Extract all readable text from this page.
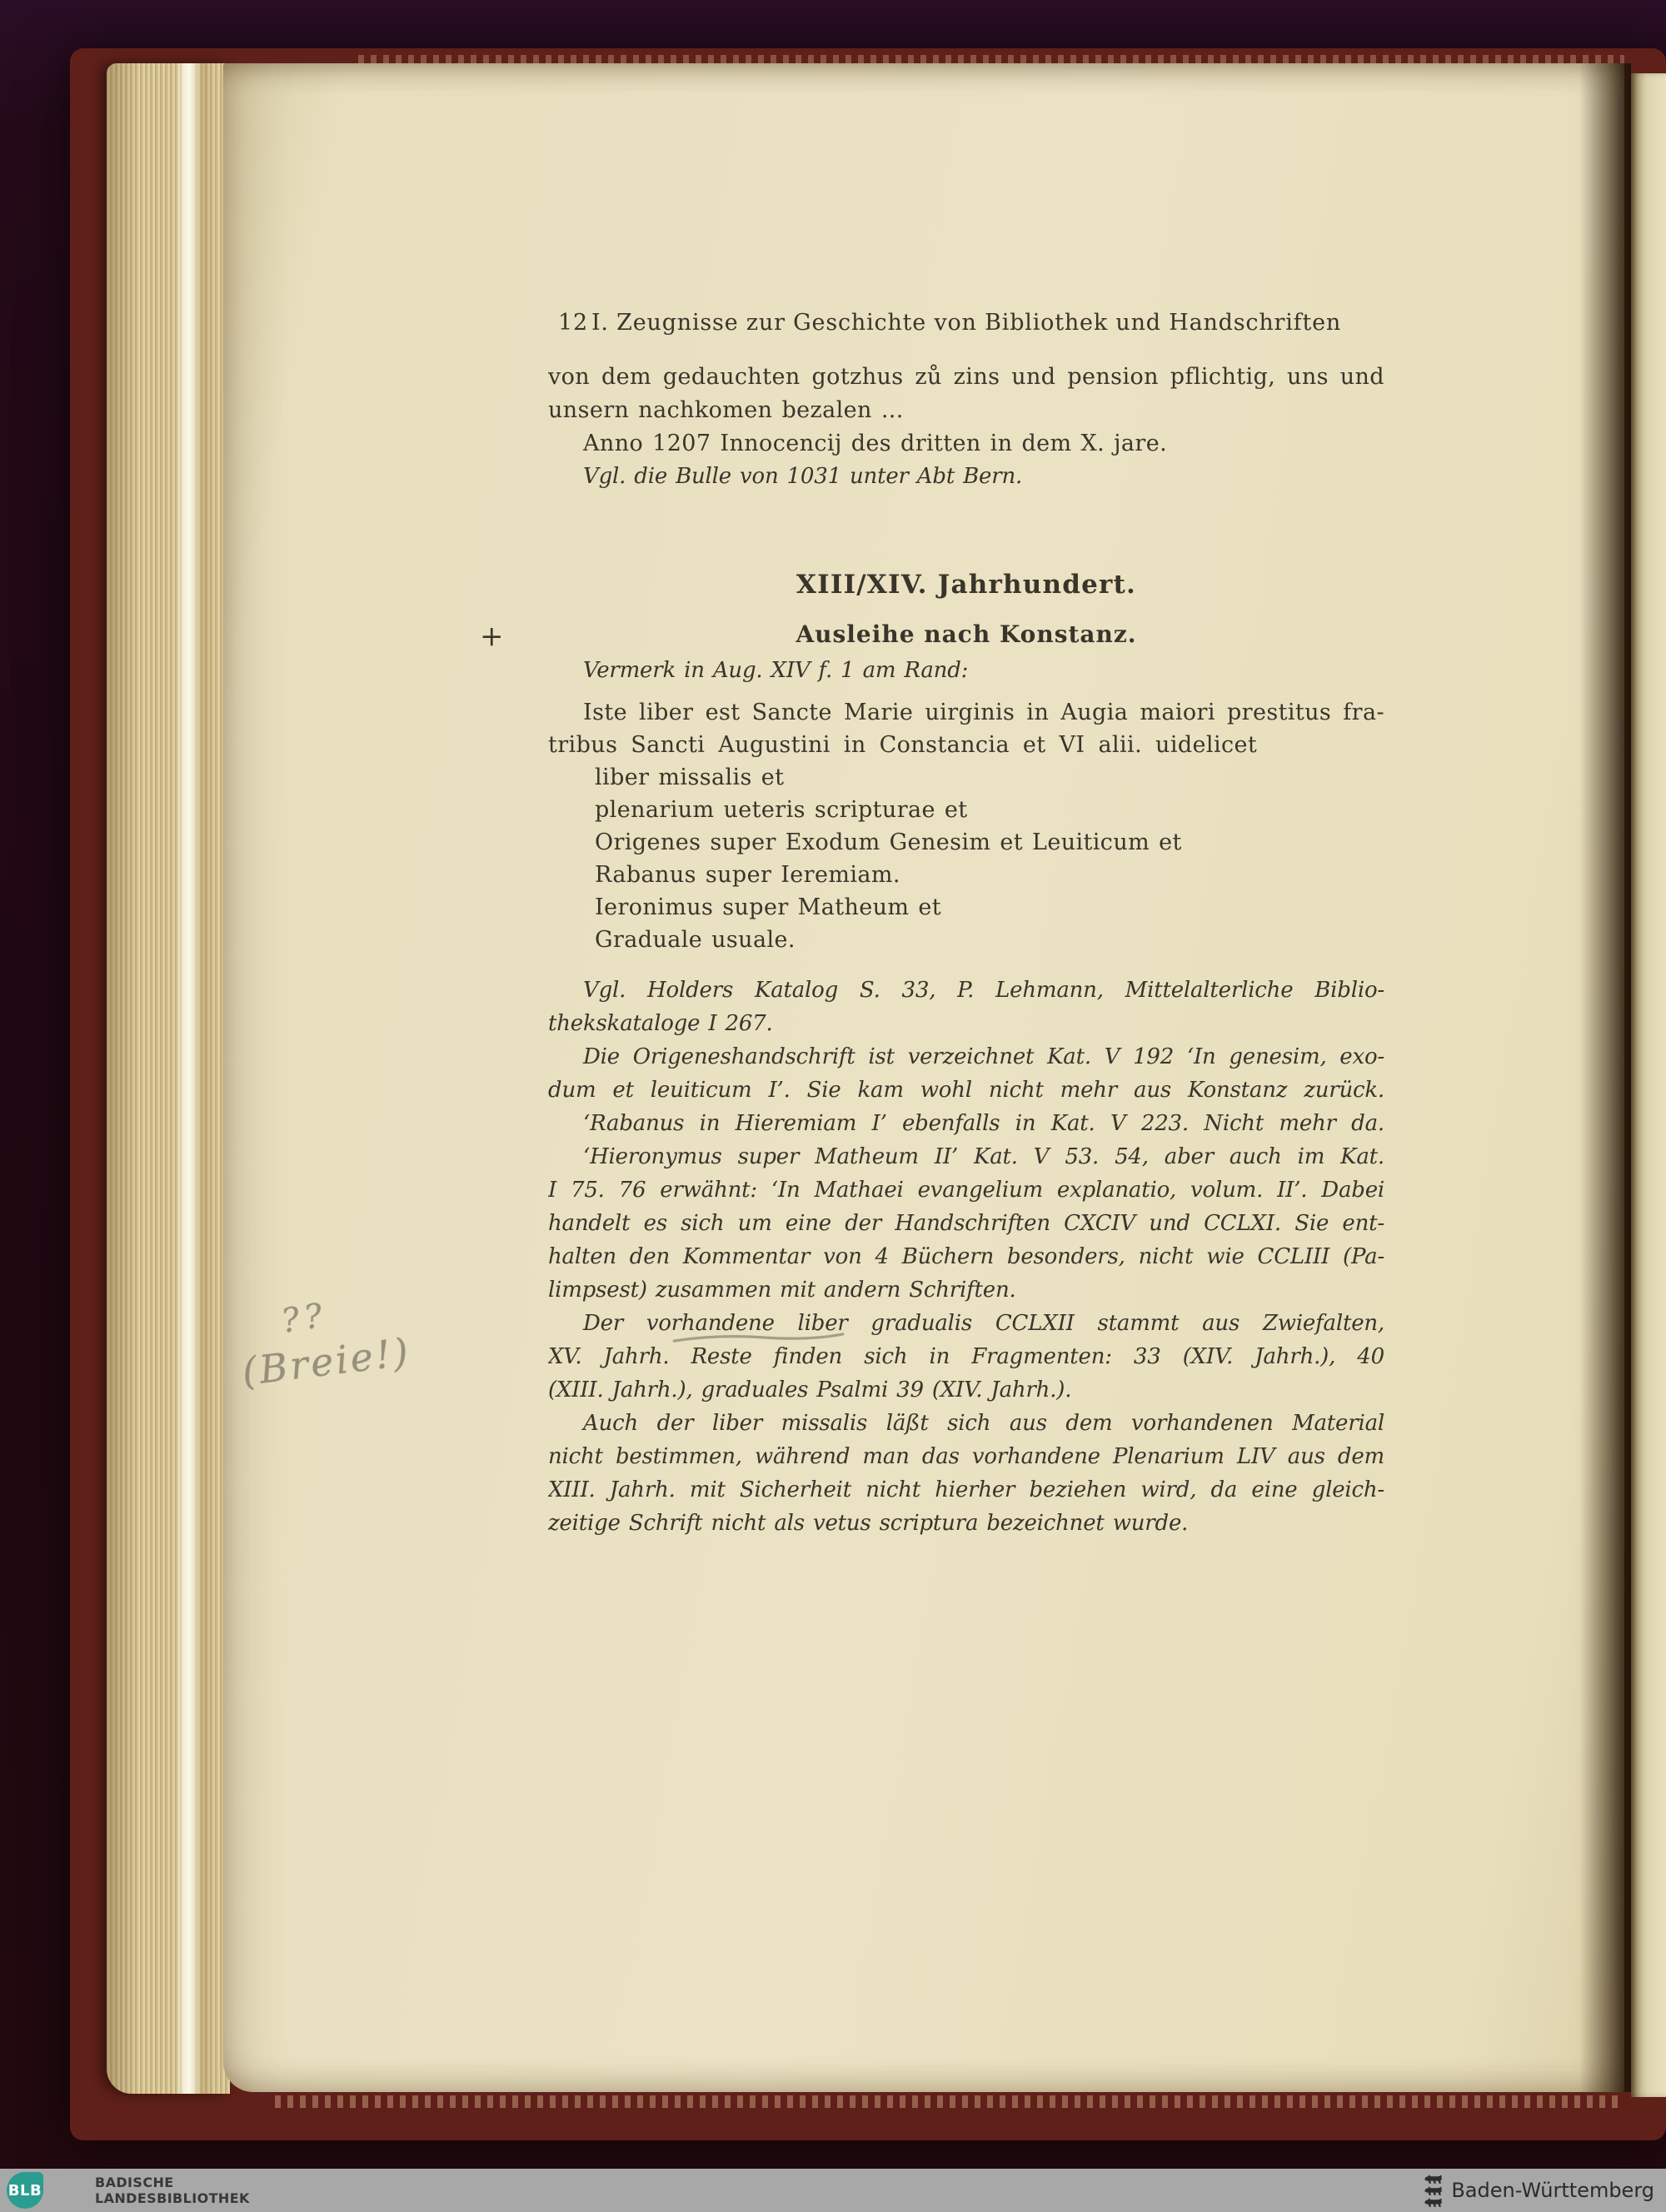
12 I. Zeugnisse zur Geschichte von Bibliothek und Handschriften
von dem gedauchten gotzhus zů zins und pension pflichtig, uns und
unsern nachkomen bezalen ...
Anno 1207 Innocencij des dritten in dem X. jare.
Vgl. die Bulle von 1031 unter Abt Bern.
XIII/XIV. Jahrhundert.
Ausleihe nach Konstanz.
+
Vermerk in Aug. XIV f. 1 am Rand:
Iste liber est Sancte Marie uirginis in Augia maiori prestitus fra-
tribus Sancti Augustini in Constancia et VI alii. uidelicet
liber missalis et
plenarium ueteris scripturae et
Origenes super Exodum Genesim et Leuiticum et
Rabanus super Ieremiam.
Ieronimus super Matheum et
Graduale usuale.
Vgl. Holders Katalog S. 33, P. Lehmann, Mittelalterliche Biblio-
thekskataloge I 267.
Die Origeneshandschrift ist verzeichnet Kat. V 192 ‘In genesim, exo-
dum et leuiticum I’. Sie kam wohl nicht mehr aus Konstanz zurück.
‘Rabanus in Hieremiam I’ ebenfalls in Kat. V 223. Nicht mehr da.
‘Hieronymus super Matheum II’ Kat. V 53. 54, aber auch im Kat.
I 75. 76 erwähnt: ‘In Mathaei evangelium explanatio, volum. II’. Dabei
handelt es sich um eine der Handschriften CXCIV und CCLXI. Sie ent-
halten den Kommentar von 4 Büchern besonders, nicht wie CCLIII (Pa-
limpsest) zusammen mit andern Schriften.
Der vorhandene liber gradualis CCLXII stammt aus Zwiefalten,
XV. Jahrh. Reste finden sich in Fragmenten: 33 (XIV. Jahrh.), 40
(XIII. Jahrh.), graduales Psalmi 39 (XIV. Jahrh.).
Auch der liber missalis läßt sich aus dem vorhandenen Material
nicht bestimmen, während man das vorhandene Plenarium LIV aus dem
XIII. Jahrh. mit Sicherheit nicht hierher beziehen wird, da eine gleich-
zeitige Schrift nicht als vetus scriptura bezeichnet wurde.
??
(Breie!)
BLB	BADISCHE
LANDESBIBLIOTHEK	Baden-Württemberg
